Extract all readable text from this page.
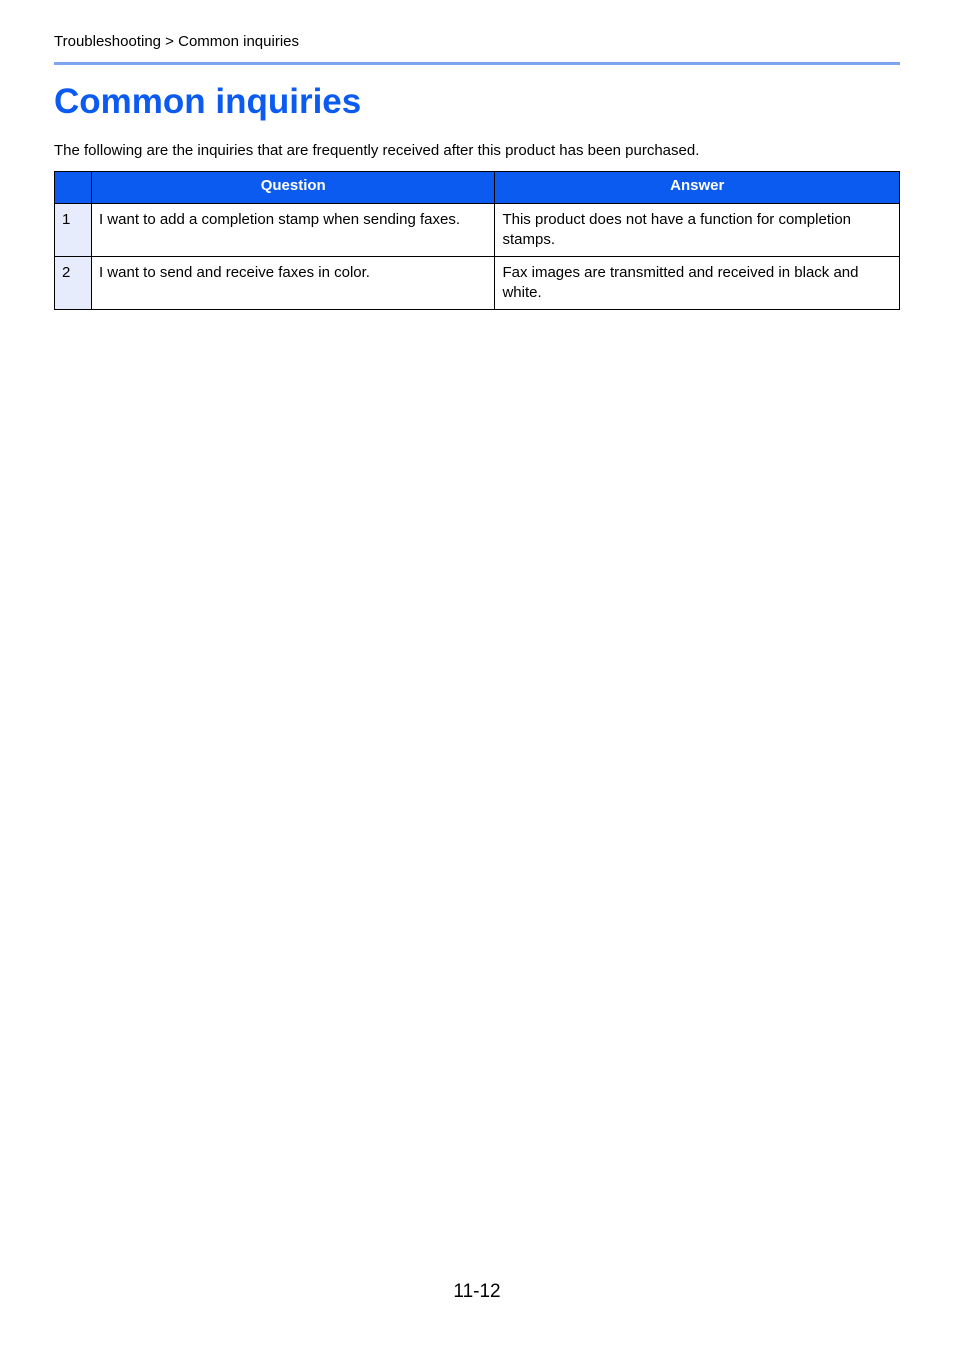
Troubleshooting > Common inquiries
Common inquiries

The following are the inquiries that are frequently received after this product has been purchased.

	Question	Answer
1	I want to add a completion stamp when sending faxes.	This product does not have a function for completion stamps.
2	I want to send and receive faxes in color.	Fax images are transmitted and received in black and white.
11-12
